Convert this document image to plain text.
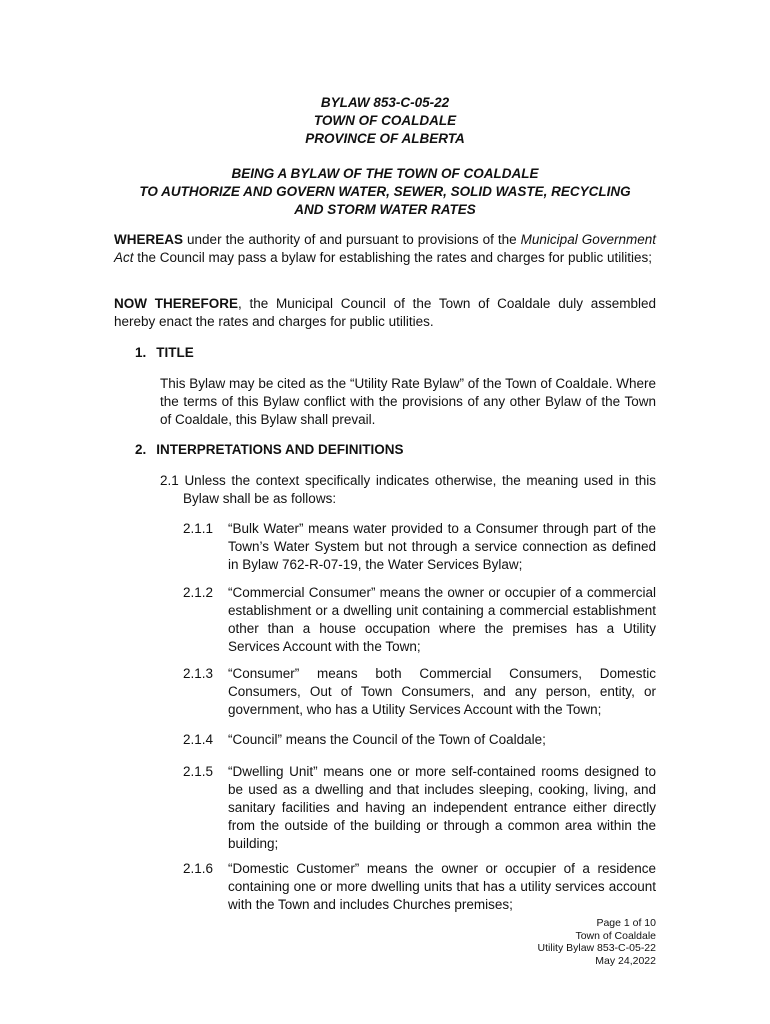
BYLAW 853-C-05-22
TOWN OF COALDALE
PROVINCE OF ALBERTA
BEING A BYLAW OF THE TOWN OF COALDALE
TO AUTHORIZE AND GOVERN WATER, SEWER, SOLID WASTE, RECYCLING
AND STORM WATER RATES
WHEREAS under the authority of and pursuant to provisions of the Municipal Government Act the Council may pass a bylaw for establishing the rates and charges for public utilities;
NOW THEREFORE, the Municipal Council of the Town of Coaldale duly assembled hereby enact the rates and charges for public utilities.
1. TITLE
This Bylaw may be cited as the “Utility Rate Bylaw” of the Town of Coaldale. Where the terms of this Bylaw conflict with the provisions of any other Bylaw of the Town of Coaldale, this Bylaw shall prevail.
2. INTERPRETATIONS AND DEFINITIONS
2.1 Unless the context specifically indicates otherwise, the meaning used in this Bylaw shall be as follows:
2.1.1	“Bulk Water” means water provided to a Consumer through part of the Town’s Water System but not through a service connection as defined in Bylaw 762-R-07-19, the Water Services Bylaw;
2.1.2	“Commercial Consumer” means the owner or occupier of a commercial establishment or a dwelling unit containing a commercial establishment other than a house occupation where the premises has a Utility Services Account with the Town;
2.1.3	“Consumer” means both Commercial Consumers, Domestic Consumers, Out of Town Consumers, and any person, entity, or government, who has a Utility Services Account with the Town;
2.1.4	“Council” means the Council of the Town of Coaldale;
2.1.5	“Dwelling Unit” means one or more self-contained rooms designed to be used as a dwelling and that includes sleeping, cooking, living, and sanitary facilities and having an independent entrance either directly from the outside of the building or through a common area within the building;
2.1.6	“Domestic Customer” means the owner or occupier of a residence containing one or more dwelling units that has a utility services account with the Town and includes Churches premises;
Page 1 of 10
Town of Coaldale
Utility Bylaw 853-C-05-22
May 24,2022
